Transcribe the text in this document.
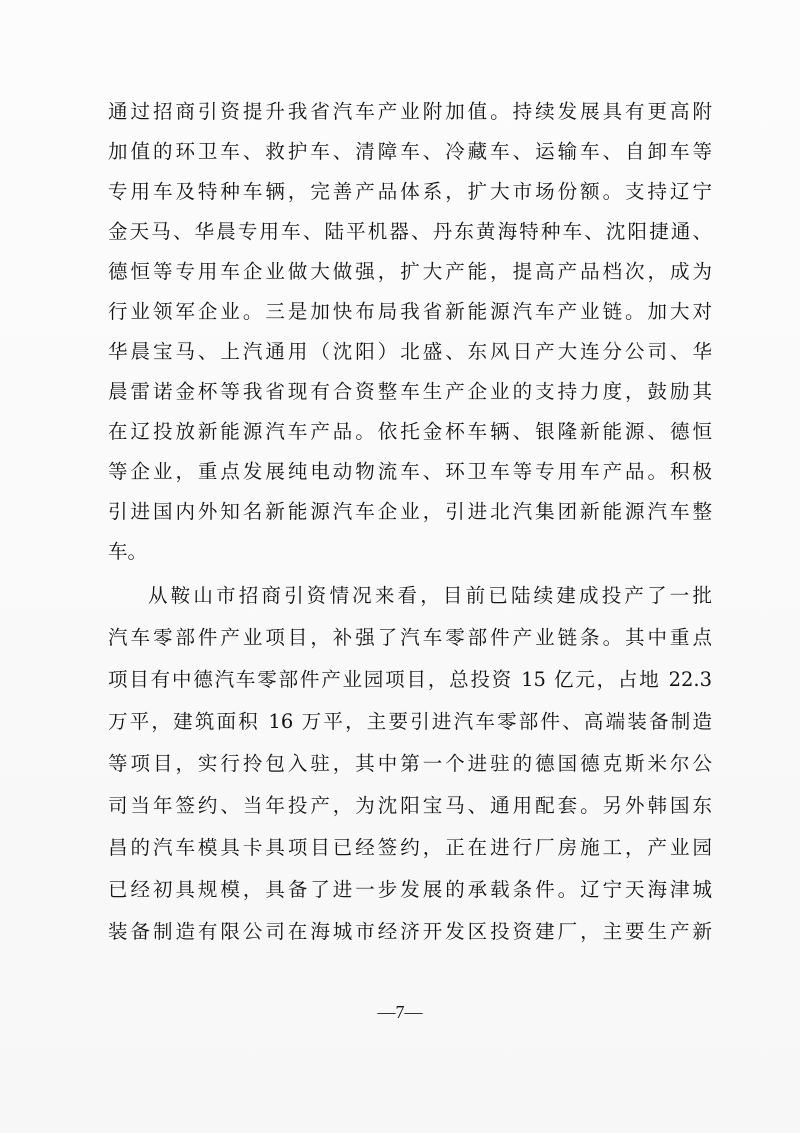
通过招商引资提升我省汽车产业附加值。持续发展具有更高附
加值的环卫车、救护车、清障车、冷藏车、运输车、自卸车等
专用车及特种车辆，完善产品体系，扩大市场份额。支持辽宁
金天马、华晨专用车、陆平机器、丹东黄海特种车、沈阳捷通、
德恒等专用车企业做大做强，扩大产能，提高产品档次，成为
行业领军企业。三是加快布局我省新能源汽车产业链。加大对
华晨宝马、上汽通用（沈阳）北盛、东风日产大连分公司、华
晨雷诺金杯等我省现有合资整车生产企业的支持力度，鼓励其
在辽投放新能源汽车产品。依托金杯车辆、银隆新能源、德恒
等企业，重点发展纯电动物流车、环卫车等专用车产品。积极
引进国内外知名新能源汽车企业，引进北汽集团新能源汽车整
车。
从鞍山市招商引资情况来看，目前已陆续建成投产了一批
汽车零部件产业项目，补强了汽车零部件产业链条。其中重点
项目有中德汽车零部件产业园项目，总投资 15 亿元，占地 22.3
万平，建筑面积 16 万平，主要引进汽车零部件、高端装备制造
等项目，实行拎包入驻，其中第一个进驻的德国德克斯米尔公
司当年签约、当年投产，为沈阳宝马、通用配套。另外韩国东
昌的汽车模具卡具项目已经签约，正在进行厂房施工，产业园
已经初具规模，具备了进一步发展的承载条件。辽宁天海津城
装备制造有限公司在海城市经济开发区投资建厂，主要生产新
—7—
